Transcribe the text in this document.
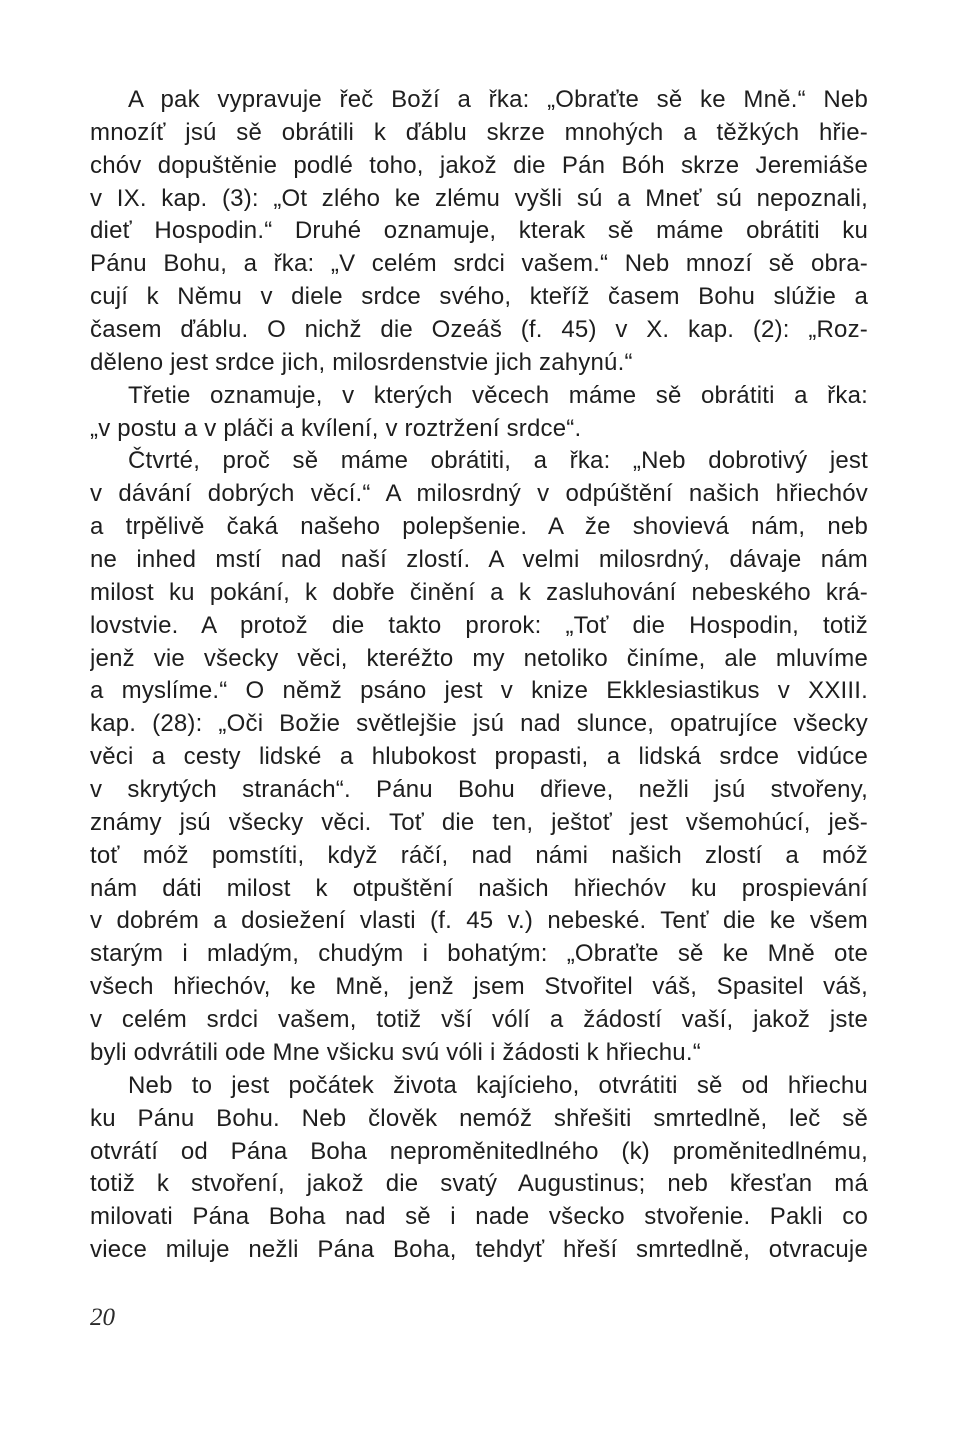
A pak vypravuje řeč Boží a řka: „Obraťte sě ke Mně.“ Neb
mnozíť jsú sě obrátili k ďáblu skrze mnohých a těžkých hřie-
chóv dopuštěnie podlé toho, jakož die Pán Bóh skrze Jeremiáše
v IX. kap. (3): „Ot zlého ke zlému vyšli sú a Mneť sú nepoznali,
dieť Hospodin.“ Druhé oznamuje, kterak sě máme obrátiti ku
Pánu Bohu, a řka: „V celém srdci vašem.“ Neb mnozí sě obra-
cují k Němu v diele srdce svého, kteříž časem Bohu slúžie a
časem ďáblu. O nichž die Ozeáš (f. 45) v X. kap. (2): „Roz-
děleno jest srdce jich, milosrdenstvie jich zahynú.“
Třetie oznamuje, v kterých věcech máme sě obrátiti a řka:
„v postu a v pláči a kvílení, v roztržení srdce“.
Čtvrté, proč sě máme obrátiti, a řka: „Neb dobrotivý jest
v dávání dobrých věcí.“ A milosrdný v odpúštění našich hřiechóv
a trpělivě čaká našeho polepšenie. A že shovievá nám, neb
ne inhed mstí nad naší zlostí. A velmi milosrdný, dávaje nám
milost ku pokání, k dobře činění a k zasluhování nebeského krá-
lovstvie. A protož die takto prorok: „Toť die Hospodin, totiž
jenž vie všecky věci, kteréžto my netoliko činíme, ale mluvíme
a myslíme.“ O němž psáno jest v knize Ekklesiastikus v XXIII.
kap. (28): „Oči Božie světlejšie jsú nad slunce, opatrujíce všecky
věci a cesty lidské a hlubokost propasti, a lidská srdce vidúce
v skrytých stranách“. Pánu Bohu dřieve, nežli jsú stvořeny,
známy jsú všecky věci. Toť die ten, ještoť jest všemohúcí, ješ-
toť móž pomstíti, když ráčí, nad námi našich zlostí a móž
nám dáti milost k otpuštění našich hřiechóv ku prospievání
v dobrém a dosiežení vlasti (f. 45 v.) nebeské. Tenť die ke všem
starým i mladým, chudým i bohatým: „Obraťte sě ke Mně ote
všech hřiechóv, ke Mně, jenž jsem Stvořitel váš, Spasitel váš,
v celém srdci vašem, totiž vší vólí a žádostí vaší, jakož jste
byli odvrátili ode Mne všicku svú vóli i žádosti k hřiechu.“
Neb to jest počátek života kajícieho, otvrátiti sě od hřiechu
ku Pánu Bohu. Neb člověk nemóž shřešiti smrtedlně, leč sě
otvrátí od Pána Boha neproměnitedlného (k) proměnitedlnému,
totiž k stvoření, jakož die svatý Augustinus; neb křesťan má
milovati Pána Boha nad sě i nade všecko stvořenie. Pakli co
viece miluje nežli Pána Boha, tehdyť hřeší smrtedlně, otvracuje
20
